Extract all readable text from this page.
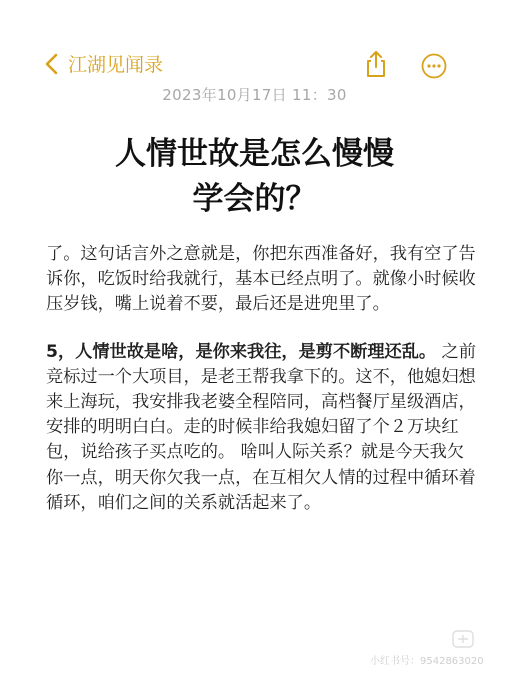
江湖见闻录
2023年10月17日 11：30
人情世故是怎么慢慢
学会的？

了。这句话言外之意就是，你把东西准备好，我有空了告诉你，吃饭时给我就行，基本已经点明了。就像小时候收压岁钱，嘴上说着不要，最后还是进兜里了。

5，人情世故是啥，是你来我往，是剪不断理还乱。 之前竞标过一个大项目，是老王帮我拿下的。这不，他媳妇想来上海玩，我安排我老婆全程陪同，高档餐厅星级酒店，安排的明明白白。走的时候非给我媳妇留了个２万块红包，说给孩子买点吃的。 啥叫人际关系？就是今天我欠你一点，明天你欠我一点，在互相欠人情的过程中循环着循环，咱们之间的关系就活起来了。

小红书号：9542863020
